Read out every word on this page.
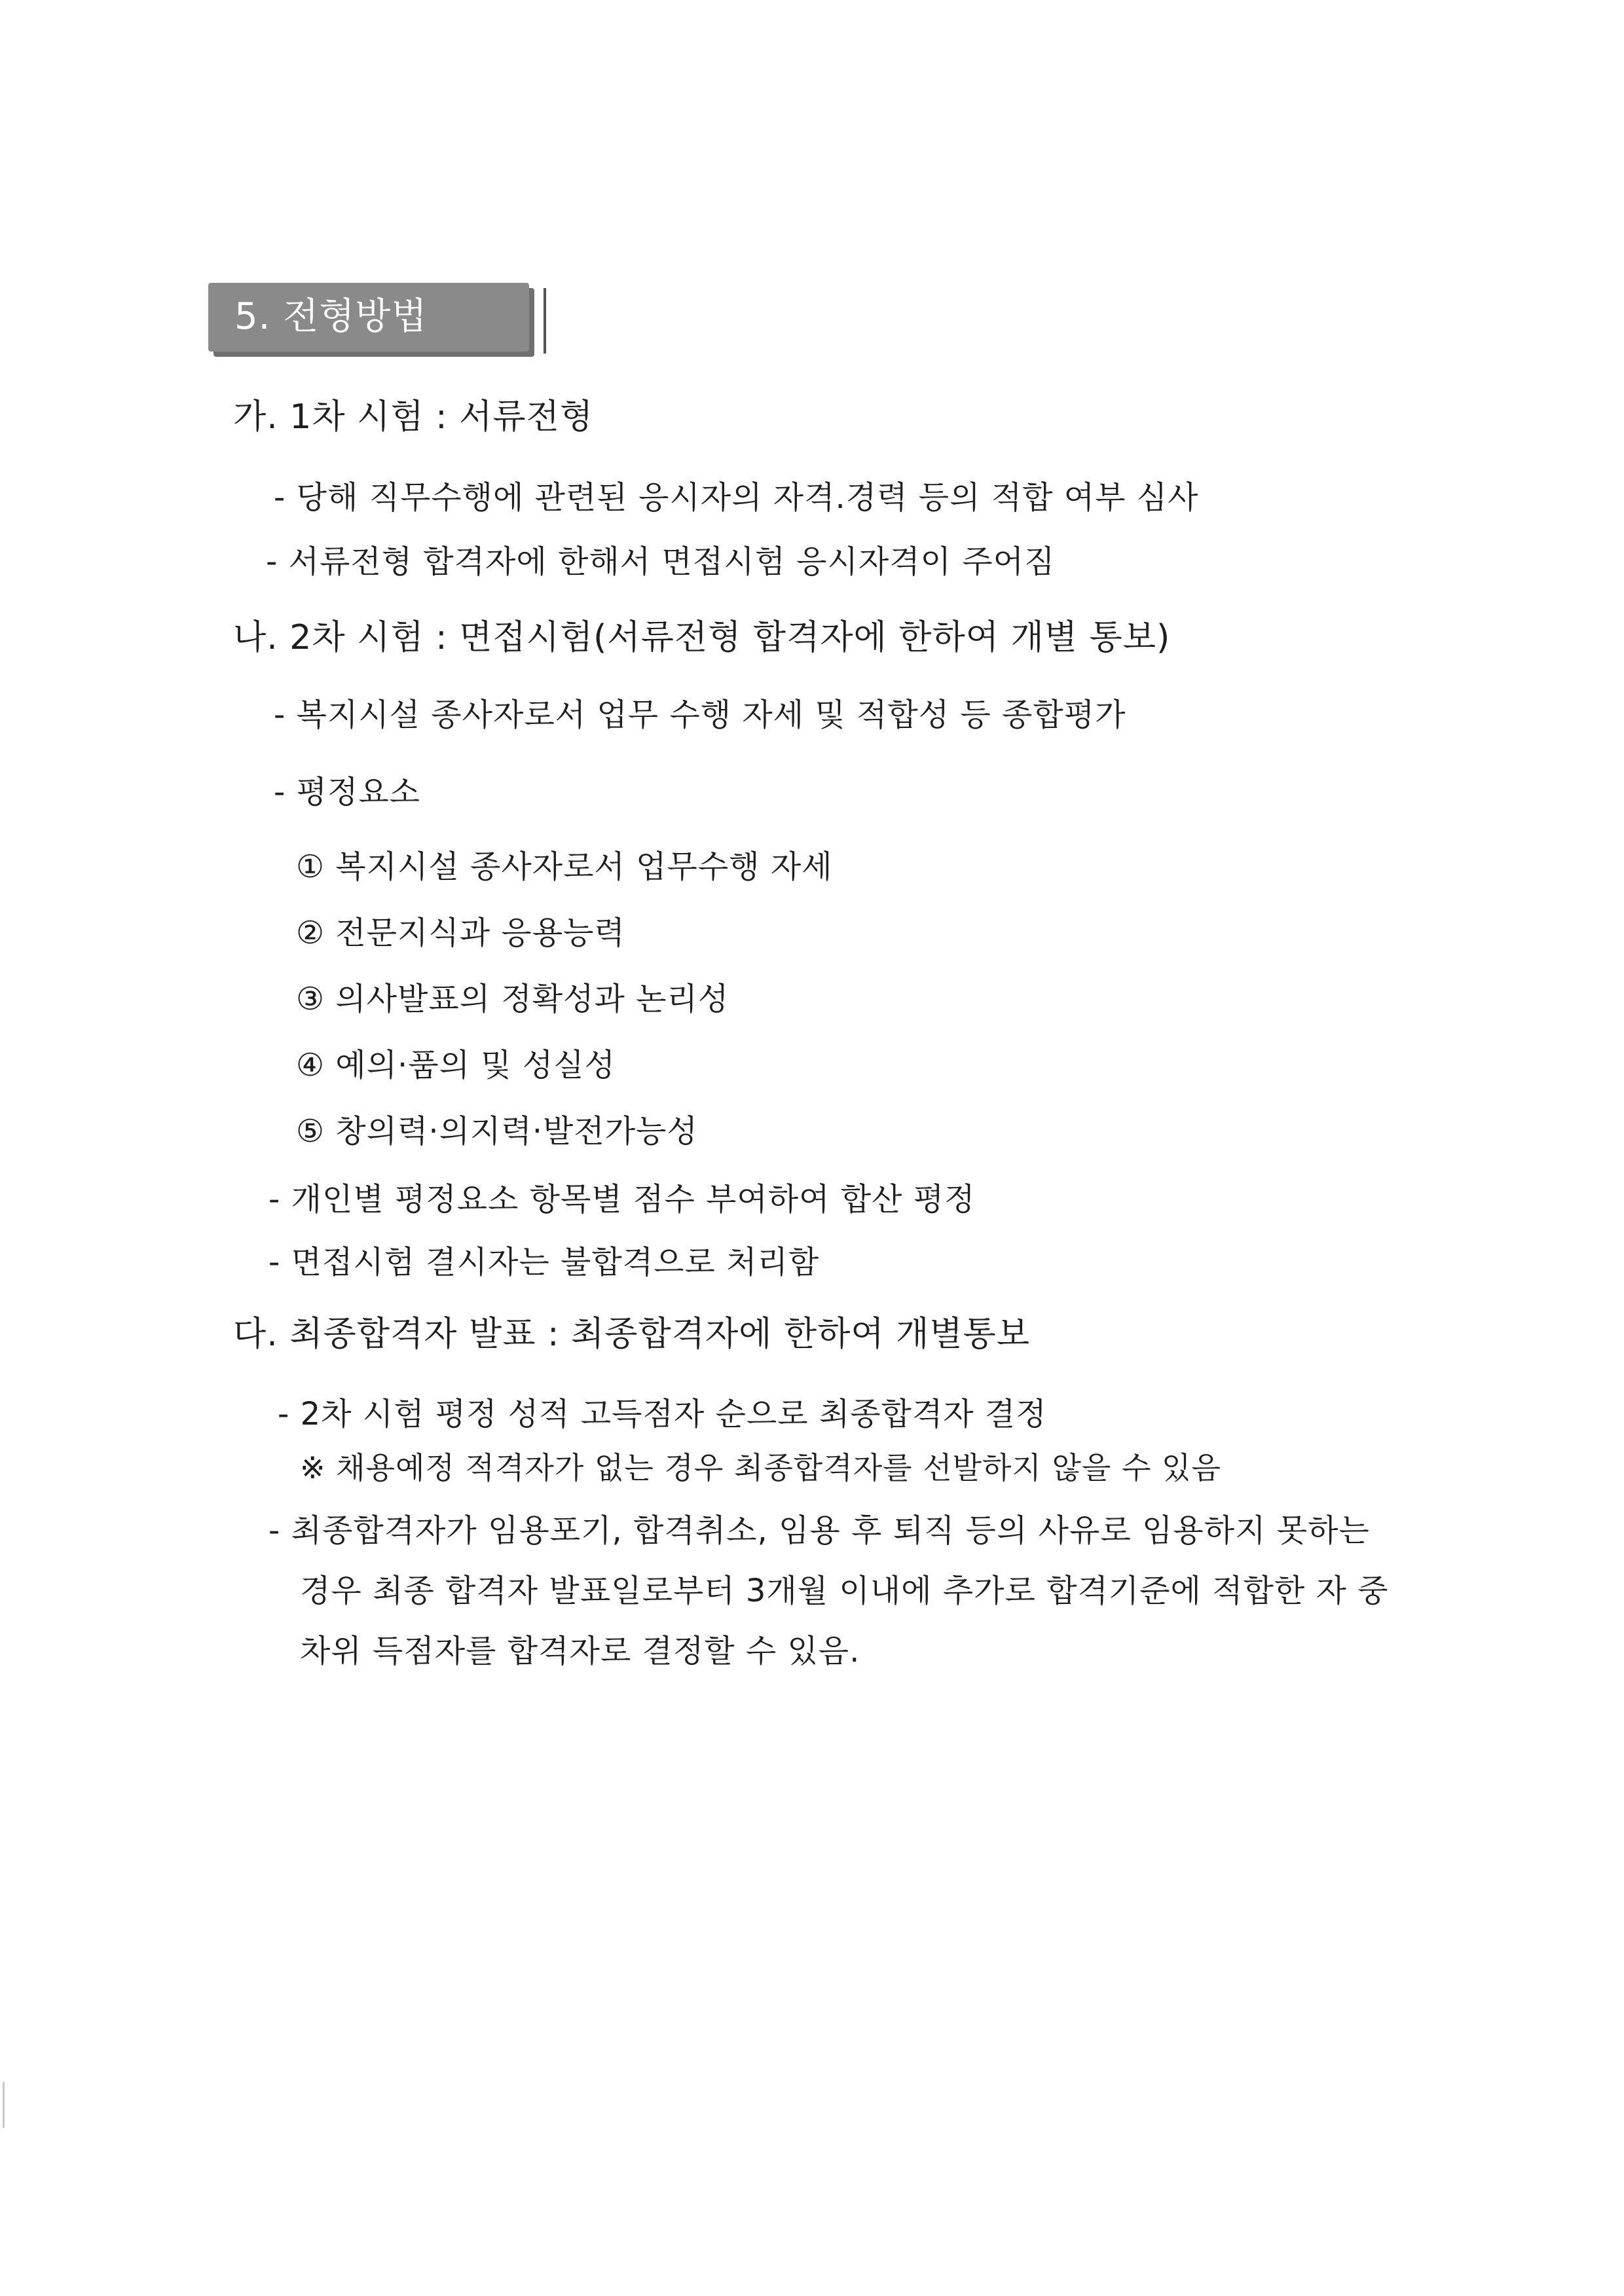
5. 전형방법
가. 1차 시험 : 서류전형
- 당해 직무수행에 관련된 응시자의 자격.경력 등의 적합 여부 심사
- 서류전형 합격자에 한해서 면접시험 응시자격이 주어짐
나. 2차 시험 : 면접시험(서류전형 합격자에 한하여 개별 통보)
- 복지시설 종사자로서 업무 수행 자세 및 적합성 등 종합평가
- 평정요소
① 복지시설 종사자로서 업무수행 자세
② 전문지식과 응용능력
③ 의사발표의 정확성과 논리성
④ 예의·품의 및 성실성
⑤ 창의력·의지력·발전가능성
- 개인별 평정요소 항목별 점수 부여하여 합산 평정
- 면접시험 결시자는 불합격으로 처리함
다. 최종합격자 발표 : 최종합격자에 한하여 개별통보
- 2차 시험 평정 성적 고득점자 순으로 최종합격자 결정
※ 채용예정 적격자가 없는 경우 최종합격자를 선발하지 않을 수 있음
- 최종합격자가 임용포기, 합격취소, 임용 후 퇴직 등의 사유로 임용하지 못하는
경우 최종 합격자 발표일로부터 3개월 이내에 추가로 합격기준에 적합한 자 중
차위 득점자를 합격자로 결정할 수 있음.
